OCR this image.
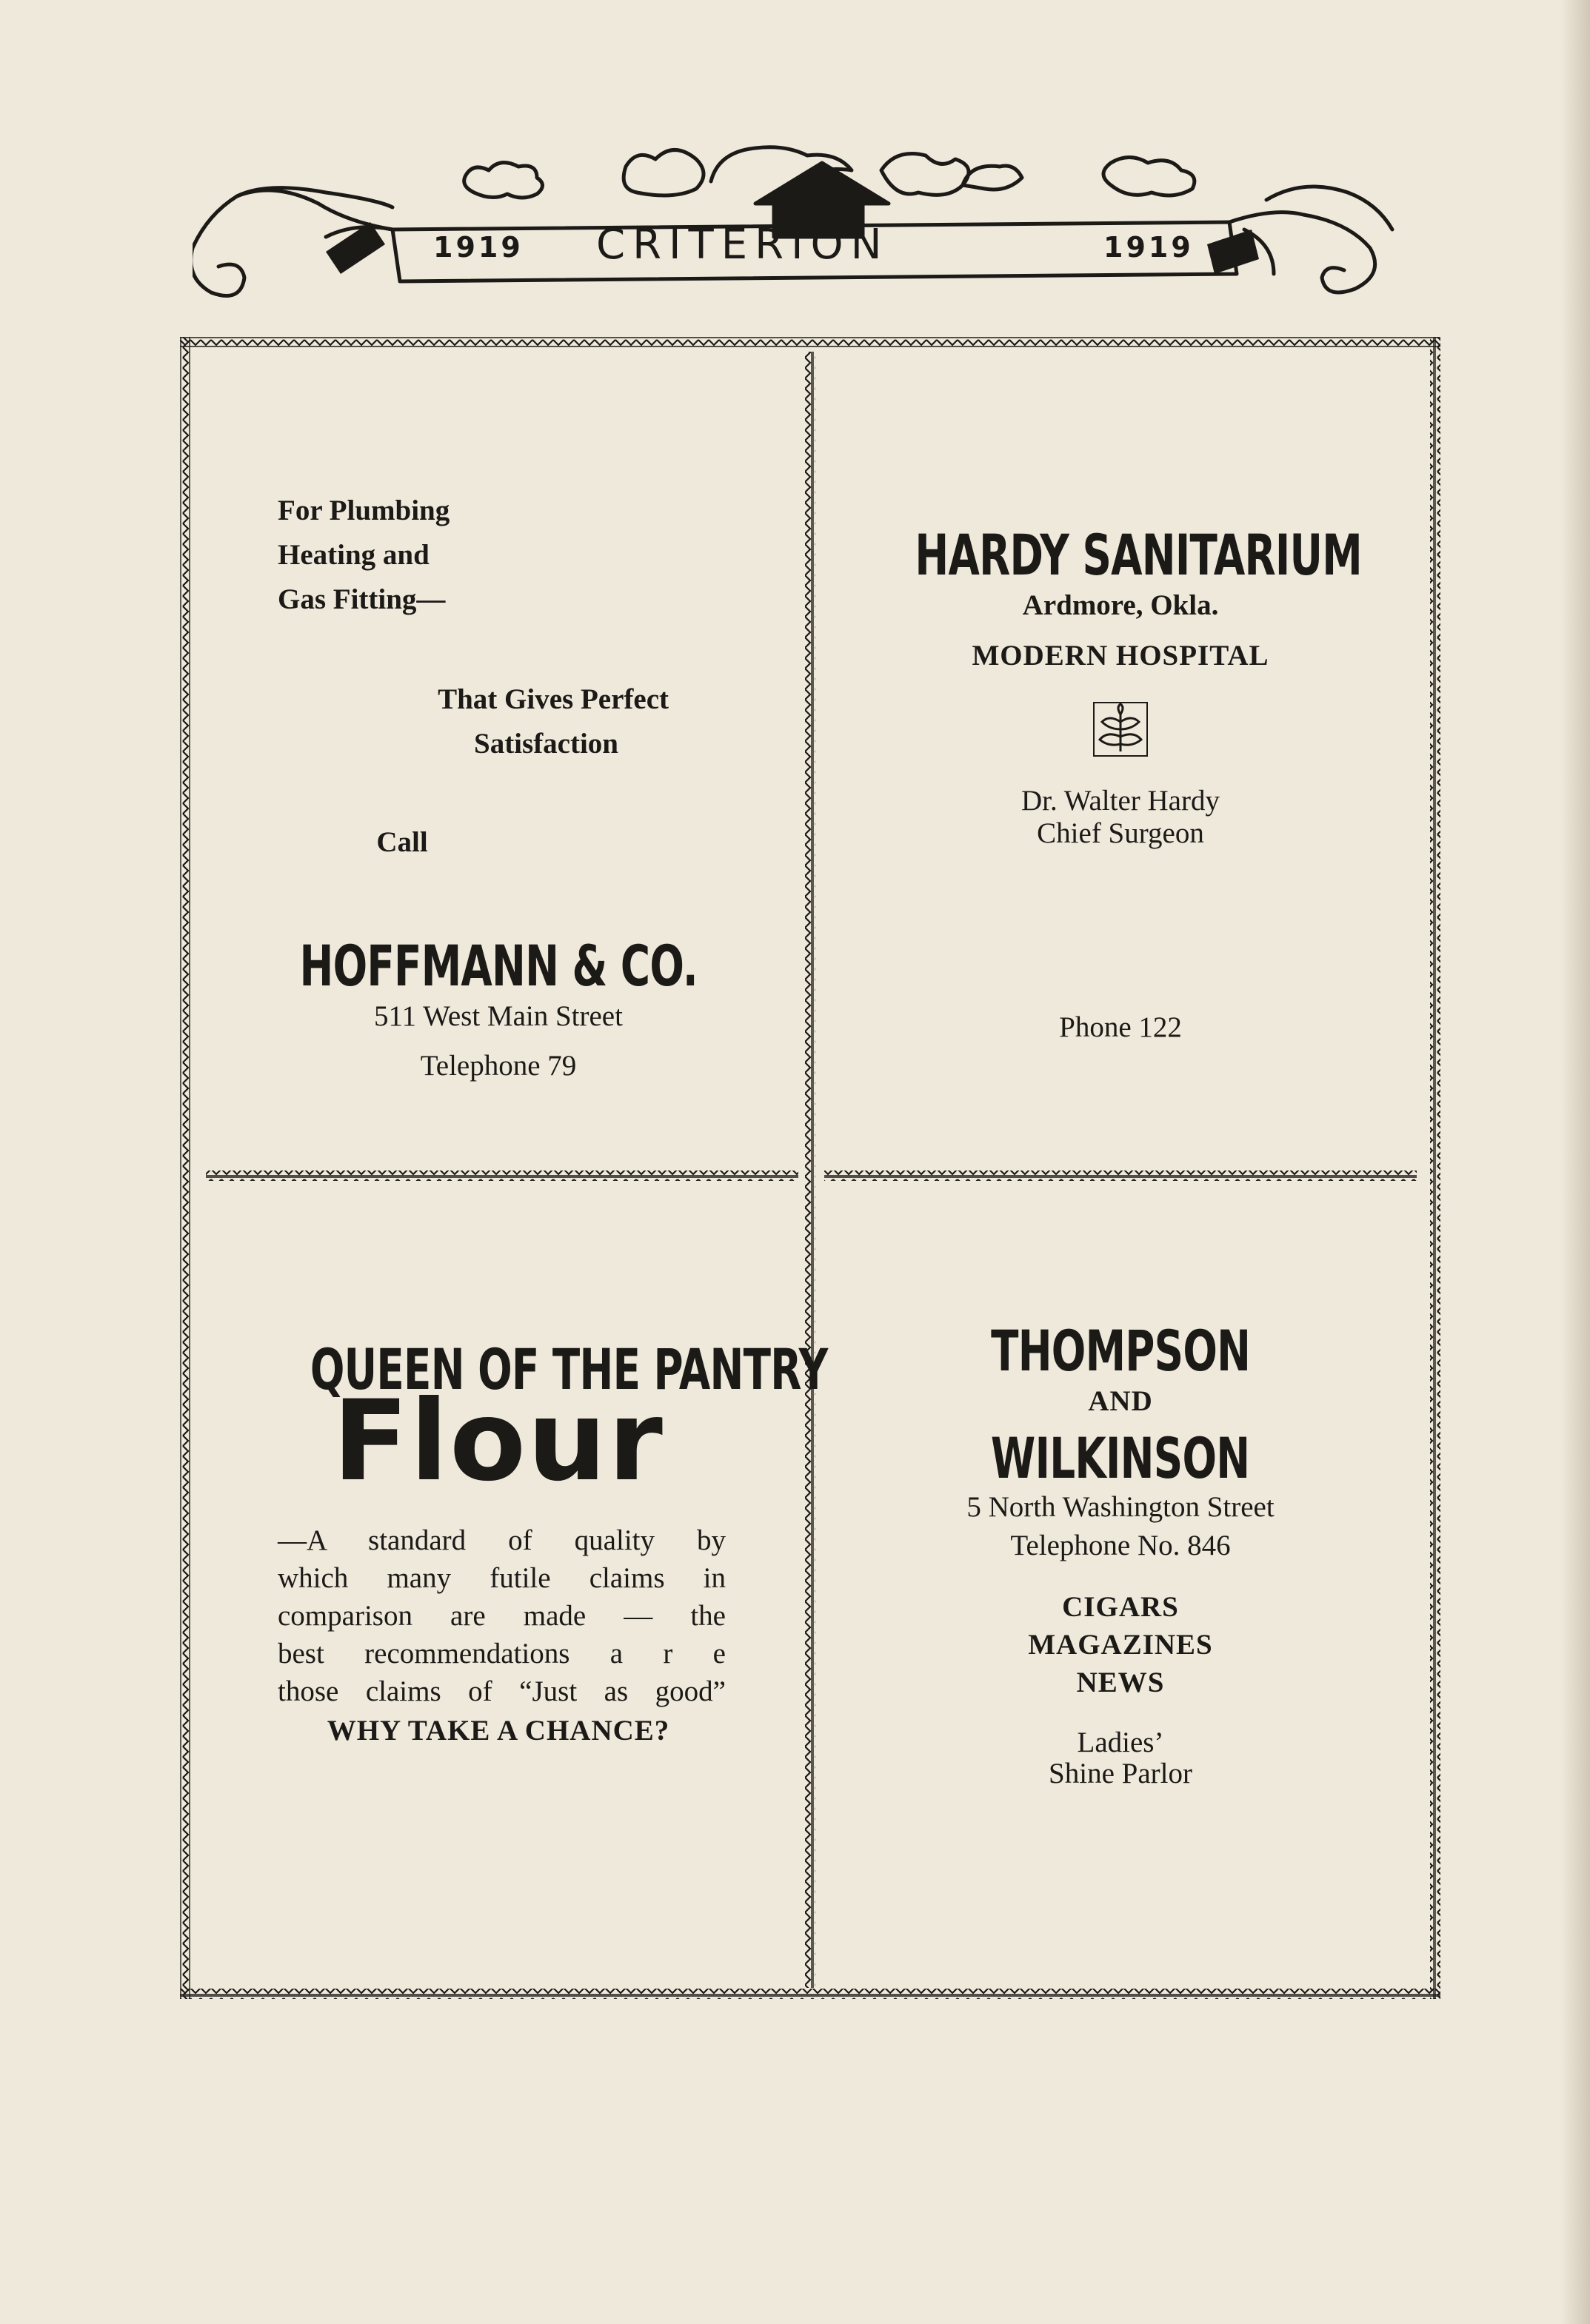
1919 CRITERION	1919
For Plumbing
Heating and
Gas Fitting—
That Gives Perfect
Satisfaction
Call
HOFFMANN & CO.
511 West Main Street
Telephone 79
HARDY SANITARIUM
Ardmore, Okla.
MODERN HOSPITAL
Dr. Walter Hardy
Chief Surgeon
Phone 122
QUEEN OF THE PANTRY
Flour
—A standard of quality by
which many futile claims in
comparison are made — the
best recommendations a r e
those claims of “Just as good”
WHY TAKE A CHANCE?
THOMPSON
AND
WILKINSON
5 North Washington Street
Telephone No. 846
CIGARS
MAGAZINES
NEWS
Ladies’
Shine Parlor
